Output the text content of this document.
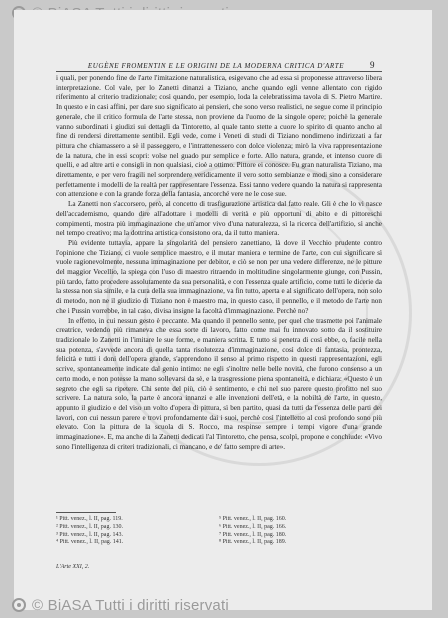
EUGÈNE FROMENTIN E LE ORIGINI DE LA MODERNA CRITICA D'ARTE	9

i quali, per ponendo fine de l'arte l'imitazione naturalistica, esigevano che ad essa si proponesse attraverso libera interpretazione. Col vale, per lo Zanetti dinanzi a Tiziano, anche quando egli venne allentato con rigido riferimento al criterio tradizionale; così quando, per esempio, loda la celebratissima tavola di S. Pietro Martire. In questo e in casi affini, per dare suo significato ai pensieri, che sono verso realistici, ne segue come il principio generale, che il critico formula de l'arte stessa, non proviene da l'uomo de la singole opere; poichè la generale vanno subordinati i giudizi sui dettagli da Tintoretto, al quale tanto stette a cuore lo spirito di quanto ancho al fine di rendersi direttamente sentibil. Egli vede, come i Veneti di studi di Tiziano nondimeno indirizzati a far pittura che chiamassero a sè il passeggero, e l'intrattenessero con dolce violenza; mirò la viva rappresentazione de la natura, che in essi scopri: volse nel guado pur semplice e forte. Allo natura, grande, et intenso cuore di quelli, e ad altre arti e consigli in non qualsiasi, cioè a ottimo. Pittore ei conosce. Fu gran naturalista Tiziano, ma direttamente, e per vero fragili nel sorprendere veridicamente il vero sotto sembianze e modi sino a considerare perfettamente i modelli de la realtà per rappresentare l'essenza. Essi tanno vedere quando la natura si rappresenta con attenzione e con la grande forza della fantasia, ancorché vere ne le cose sue.

La Zanetti non s'accorsero, però, al concetto di trasfigurazione artistica dal fatto reale. Gli è che lo vi nasce dell'accademismo, quando dire all'adottare i modelli di verità e più opportuni di abito e di pittoreschi compimenti, mostra più immaginazione che un'amor vivo d'una naturalezza, sì la ricerca dell'artifizio, sì anche nel tempo creativo; ma la dottrina artistica consistono ora, da il tutto maniera.

Più evidente tuttavia, appare la singolarità del pensiero zanettiano, là dove il Vecchio prudente contro l'opinione che Tiziano, ci vuole semplice maestro, e il mutar maniera e termine de l'arte, con cui significare sì vuole ragionevolmente, nessuna immaginazione per debitor, e ciò se non per una vedere differenze, ne le pitture del maggior Vecellio, la spiega con l'uso di maestro ritraendo in moltitudine singolarmente giunge, con Pussin, più tardo, fatto procedere assolutamente da sua personalità, e con l'essenza quale artificio, come tutti le dicerie da la stessa non sia simile, e la cura della sua immaginazione, va fin tutto, aperta e al significato dell'opera, non solo di metodo, non ne il giudizio di Tiziano non è maestro ma, in questo caso, il pennello, e il metodo de l'arte non che i Pussin vorrebbe, in tal caso, divisa insigne la facoltà d'immaginazione. Perchè no?

In effetto, in cui nessun gesto è peccante. Ma quando il pennello sente, per quel che trasmette poi l'animale creatrice, vedendo più rimaneva che essa sorte di lavoro, fatto come mai fu innovato sotto da il sostituire tradizionale lo Zanetti in l'imitare le sue forme, e maniera scritta. E tutto si penetra di così ebbe, o, facile nella sua potenza, s'avvede ancora di quella tanta risolutezza d'immaginazione, così dolce di fantasia, prontezza, felicità e tutti i doni dell'opera grande, s'apprendono il senso al primo rispetto in questi rappresentazioni, egli scrive, spontaneamente indicate dal genio intimo: ne egli s'inoltre nelle belle novità, che furono consenso a un certo modo, e non potesse la mano sollevarsi da sè, e la trasgressione piena spontaneità, e dichiara: «Questo è un segreto che egli sa ripetere. Chi sente del più, ciò è sentimento, e chi nel suo parere questo profitto nel suo scrivere. La natura solo, la parte è ancora innanzi e alle invenzioni dell'età, e la nobiltà de l'arte, in questo, appunto il giudizio e del viso un volto d'opera di pittura, sì ben partito, quasi da tutti da l'essenza delle parti dei lavori, con cui nessun parere e trovi profondamente dai i suoi, perchè così l'intelletto al così profondo sono più elevato. Con la pittura de la scuola di S. Rocco, ma respinse sempre i tempi vigore d'una grande immaginazione». E, ma anche di la Zanetti dedicati l'al Tintoretto, che pensa, scolpì, propone e conchiude: «Vivo sono l'intelligenza di criteri tradizionali, ci mancano, e de' fatto sempre di arte».

¹ Pitt. venez., l. II, pag. 119.
² Pitt. venez., l. II, pag. 130.
³ Pitt. venez., l. II, pag. 143.
⁴ Pitt. venez., l. II, pag. 141.
⁵ Pitt. venez., l. II, pag. 160.
⁶ Pitt. venez., l. II, pag. 166.
⁷ Pitt. venez., l. II, pag. 180.
⁸ Pitt. venez., l. II, pag. 189.
L'Arte XXI, 2.
© BiASA Tutti i diritti riservati
